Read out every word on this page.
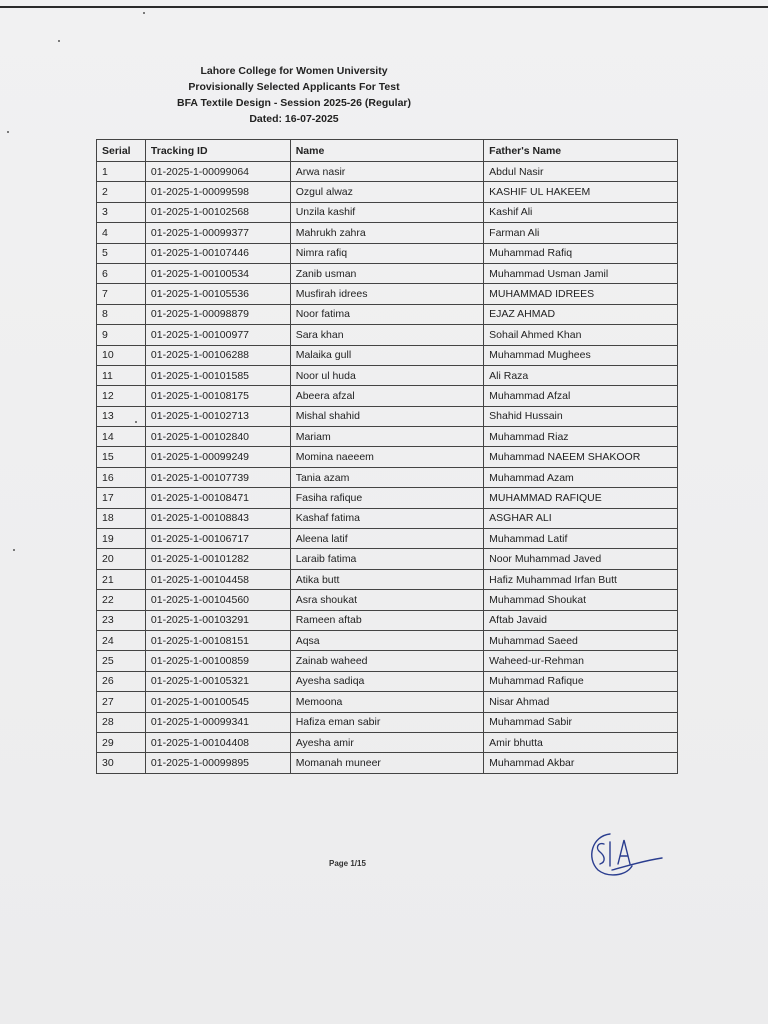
Lahore College for Women University
Provisionally Selected Applicants For Test
BFA Textile Design - Session 2025-26 (Regular)
Dated: 16-07-2025
Serial	Tracking ID	Name	Father's Name
1	01-2025-1-00099064	Arwa nasir	Abdul Nasir
2	01-2025-1-00099598	Ozgul alwaz	KASHIF UL HAKEEM
3	01-2025-1-00102568	Unzila kashif	Kashif Ali
4	01-2025-1-00099377	Mahrukh zahra	Farman Ali
5	01-2025-1-00107446	Nimra rafiq	Muhammad Rafiq
6	01-2025-1-00100534	Zanib usman	Muhammad Usman Jamil
7	01-2025-1-00105536	Musfirah idrees	MUHAMMAD IDREES
8	01-2025-1-00098879	Noor fatima	EJAZ AHMAD
9	01-2025-1-00100977	Sara khan	Sohail Ahmed Khan
10	01-2025-1-00106288	Malaika gull	Muhammad Mughees
11	01-2025-1-00101585	Noor ul huda	Ali Raza
12	01-2025-1-00108175	Abeera afzal	Muhammad Afzal
13	01-2025-1-00102713	Mishal shahid	Shahid Hussain
14	01-2025-1-00102840	Mariam	Muhammad Riaz
15	01-2025-1-00099249	Momina naeeem	Muhammad NAEEM SHAKOOR
16	01-2025-1-00107739	Tania azam	Muhammad Azam
17	01-2025-1-00108471	Fasiha rafique	MUHAMMAD RAFIQUE
18	01-2025-1-00108843	Kashaf fatima	ASGHAR ALI
19	01-2025-1-00106717	Aleena latif	Muhammad Latif
20	01-2025-1-00101282	Laraib fatima	Noor Muhammad Javed
21	01-2025-1-00104458	Atika butt	Hafiz Muhammad Irfan Butt
22	01-2025-1-00104560	Asra shoukat	Muhammad Shoukat
23	01-2025-1-00103291	Rameen aftab	Aftab Javaid
24	01-2025-1-00108151	Aqsa	Muhammad Saeed
25	01-2025-1-00100859	Zainab waheed	Waheed-ur-Rehman
26	01-2025-1-00105321	Ayesha sadiqa	Muhammad Rafique
27	01-2025-1-00100545	Memoona	Nisar Ahmad
28	01-2025-1-00099341	Hafiza eman sabir	Muhammad Sabir
29	01-2025-1-00104408	Ayesha amir	Amir bhutta
30	01-2025-1-00099895	Momanah muneer	Muhammad Akbar
Page 1/15
